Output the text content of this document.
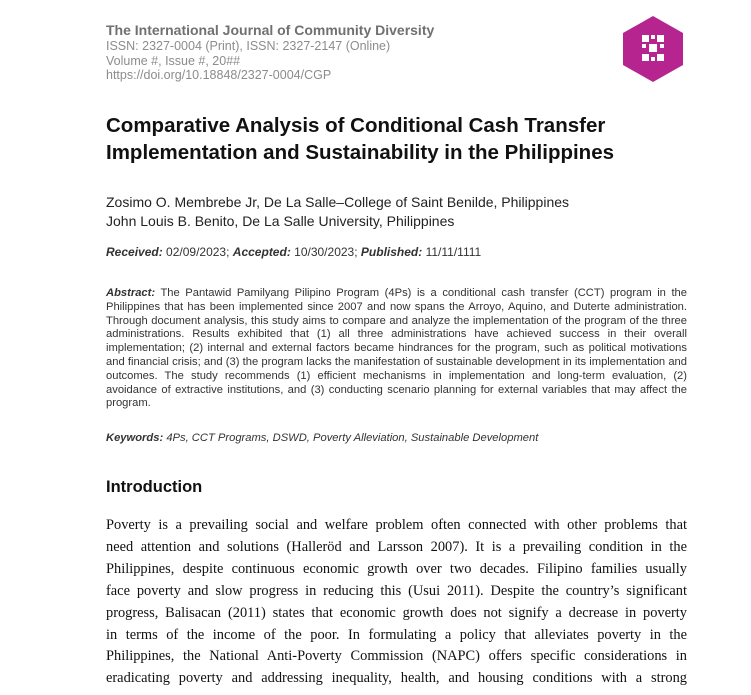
The International Journal of Community Diversity
ISSN: 2327-0004 (Print), ISSN: 2327-2147 (Online)
Volume #, Issue #, 20##
https://doi.org/10.18848/2327-0004/CGP
Comparative Analysis of Conditional Cash Transfer
Implementation and Sustainability in the Philippines
Zosimo O. Membrebe Jr, De La Salle–College of Saint Benilde, Philippines
John Louis B. Benito, De La Salle University, Philippines
Received: 02/09/2023; Accepted: 10/30/2023; Published: 11/11/1111
Abstract: The Pantawid Pamilyang Pilipino Program (4Ps) is a conditional cash transfer (CCT) program in the Philippines that has been implemented since 2007 and now spans the Arroyo, Aquino, and Duterte administration. Through document analysis, this study aims to compare and analyze the implementation of the program of the three administrations. Results exhibited that (1) all three administrations have achieved success in their overall implementation; (2) internal and external factors became hindrances for the program, such as political motivations and financial crisis; and (3) the program lacks the manifestation of sustainable development in its implementation and outcomes. The study recommends (1) efficient mechanisms in implementation and long-term evaluation, (2) avoidance of extractive institutions, and (3) conducting scenario planning for external variables that may affect the program.
Keywords: 4Ps, CCT Programs, DSWD, Poverty Alleviation, Sustainable Development
Introduction
Poverty is a prevailing social and welfare problem often connected with other problems that
need attention and solutions (Halleröd and Larsson 2007). It is a prevailing condition in the
Philippines, despite continuous economic growth over two decades. Filipino families usually
face poverty and slow progress in reducing this (Usui 2011). Despite the country’s significant
progress, Balisacan (2011) states that economic growth does not signify a decrease in poverty
in terms of the income of the poor. In formulating a policy that alleviates poverty in the
Philippines, the National Anti-Poverty Commission (NAPC) offers specific considerations in
eradicating poverty and addressing inequality, health, and housing conditions with a strong
